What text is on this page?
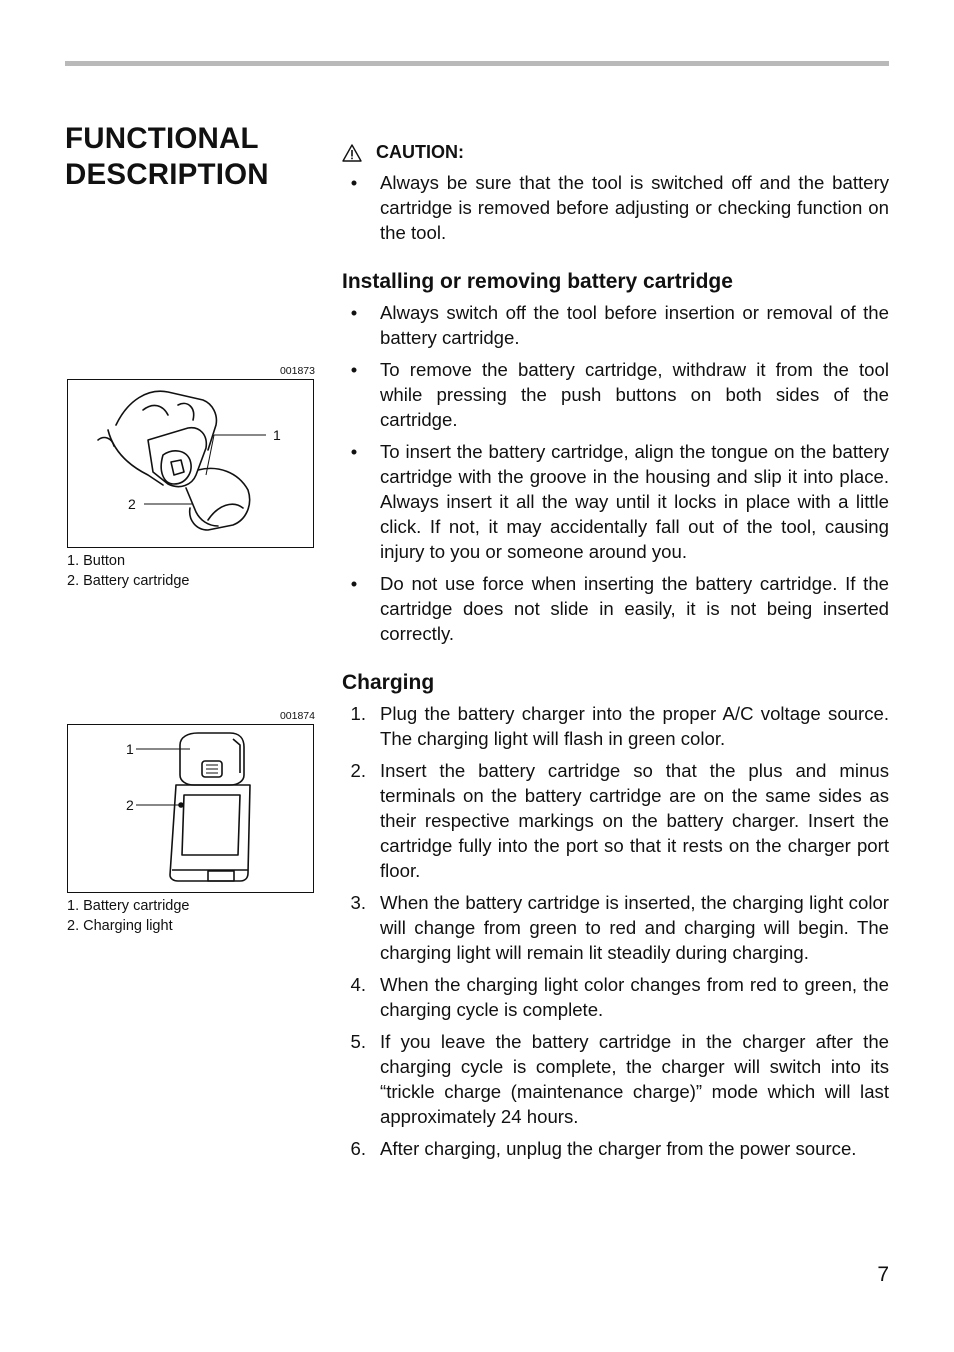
FUNCTIONAL DESCRIPTION
001873
1
2
1. Button
2. Battery cartridge
001874
1
2
1. Battery cartridge
2. Charging light
CAUTION:
•	Always be sure that the tool is switched off and the battery cartridge is removed before adjusting or checking function on the tool.
Installing or removing battery cartridge
•	Always switch off the tool before insertion or removal of the battery cartridge.
•	To remove the battery cartridge, withdraw it from the tool while pressing the push buttons on both sides of the cartridge.
•	To insert the battery cartridge, align the tongue on the battery cartridge with the groove in the housing and slip it into place. Always insert it all the way until it locks in place with a little click. If not, it may accidentally fall out of the tool, causing injury to you or someone around you.
•	Do not use force when inserting the battery cartridge. If the cartridge does not slide in easily, it is not being inserted correctly.
Charging
1. Plug the battery charger into the proper A/C voltage source. The charging light will flash in green color.
2. Insert the battery cartridge so that the plus and minus terminals on the battery cartridge are on the same sides as their respective markings on the battery charger. Insert the cartridge fully into the port so that it rests on the charger port floor.
3. When the battery cartridge is inserted, the charging light color will change from green to red and charging will begin. The charging light will remain lit steadily during charging.
4. When the charging light color changes from red to green, the charging cycle is complete.
5. If you leave the battery cartridge in the charger after the charging cycle is complete, the charger will switch into its “trickle charge (maintenance charge)” mode which will last approximately 24 hours.
6. After charging, unplug the charger from the power source.
7
